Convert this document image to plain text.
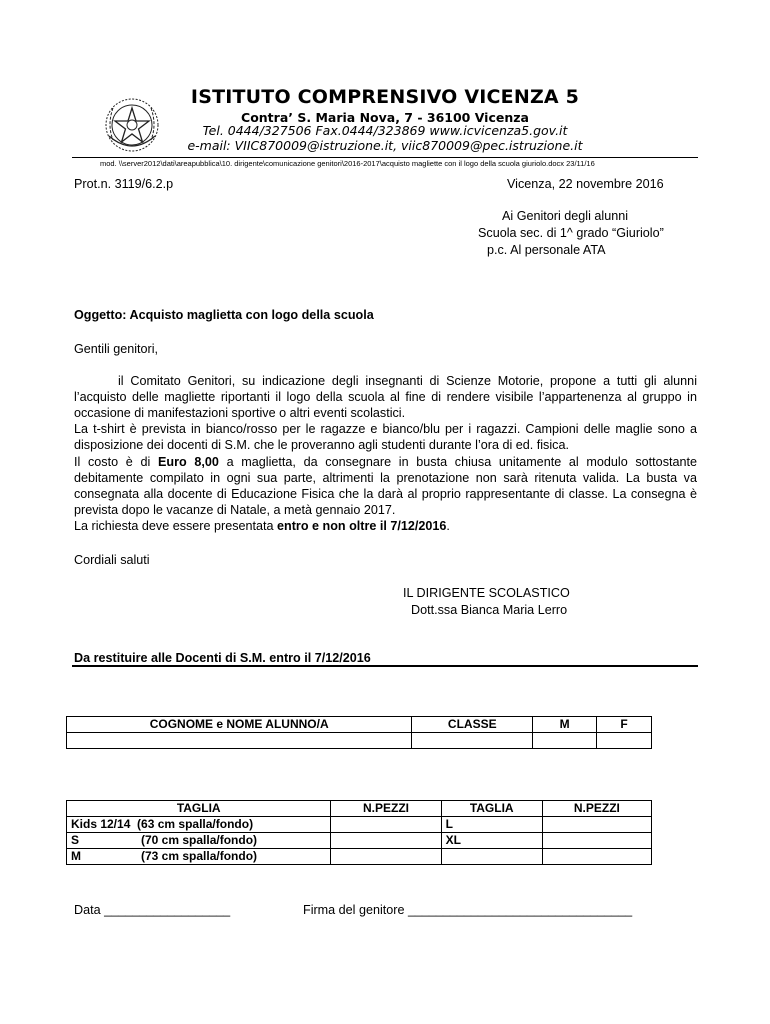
ISTITUTO COMPRENSIVO VICENZA 5
Contra’ S. Maria Nova, 7 - 36100 Vicenza
Tel. 0444/327506 Fax.0444/323869 www.icvicenza5.gov.it
e-mail: VIIC870009@istruzione.it, viic870009@pec.istruzione.it
mod. \\server2012\dati\areapubblica\10. dirigente\comunicazione genitori\2016-2017\acquisto magliette con il logo della scuola giuriolo.docx 23/11/16
Prot.n. 3119/6.2.p	Vicenza, 22 novembre 2016
Ai Genitori degli alunni
Scuola sec. di 1^ grado “Giuriolo”
p.c. Al personale ATA
Oggetto: Acquisto maglietta con logo della scuola
Gentili genitori,
il Comitato Genitori, su indicazione degli insegnanti di Scienze Motorie, propone a tutti gli alunni
l’acquisto delle magliette riportanti il logo della scuola al fine di rendere visibile l’appartenenza al gruppo in
occasione di manifestazioni sportive o altri eventi scolastici.
La t-shirt è prevista in bianco/rosso per le ragazze e bianco/blu per i ragazzi. Campioni delle maglie sono a
disposizione dei docenti di S.M. che le proveranno agli studenti durante l’ora di ed. fisica.
Il costo è di Euro 8,00 a maglietta, da consegnare in busta chiusa unitamente al modulo sottostante
debitamente compilato in ogni sua parte, altrimenti la prenotazione non sarà ritenuta valida. La busta va
consegnata alla docente di Educazione Fisica che la darà al proprio rappresentante di classe. La consegna è
prevista dopo le vacanze di Natale, a metà gennaio 2017.
La richiesta deve essere presentata entro e non oltre il 7/12/2016.
Cordiali saluti
IL DIRIGENTE SCOLASTICO
Dott.ssa Bianca Maria Lerro
Da restituire alle Docenti di S.M. entro il 7/12/2016
COGNOME e NOME ALUNNO/A	CLASSE	M	F

TAGLIA	N.PEZZI	TAGLIA	N.PEZZI
Kids 12/14 (63 cm spalla/fondo)		L	
S (70 cm spalla/fondo)		XL	
M (73 cm spalla/fondo)			
Data __________________	Firma del genitore ________________________________
